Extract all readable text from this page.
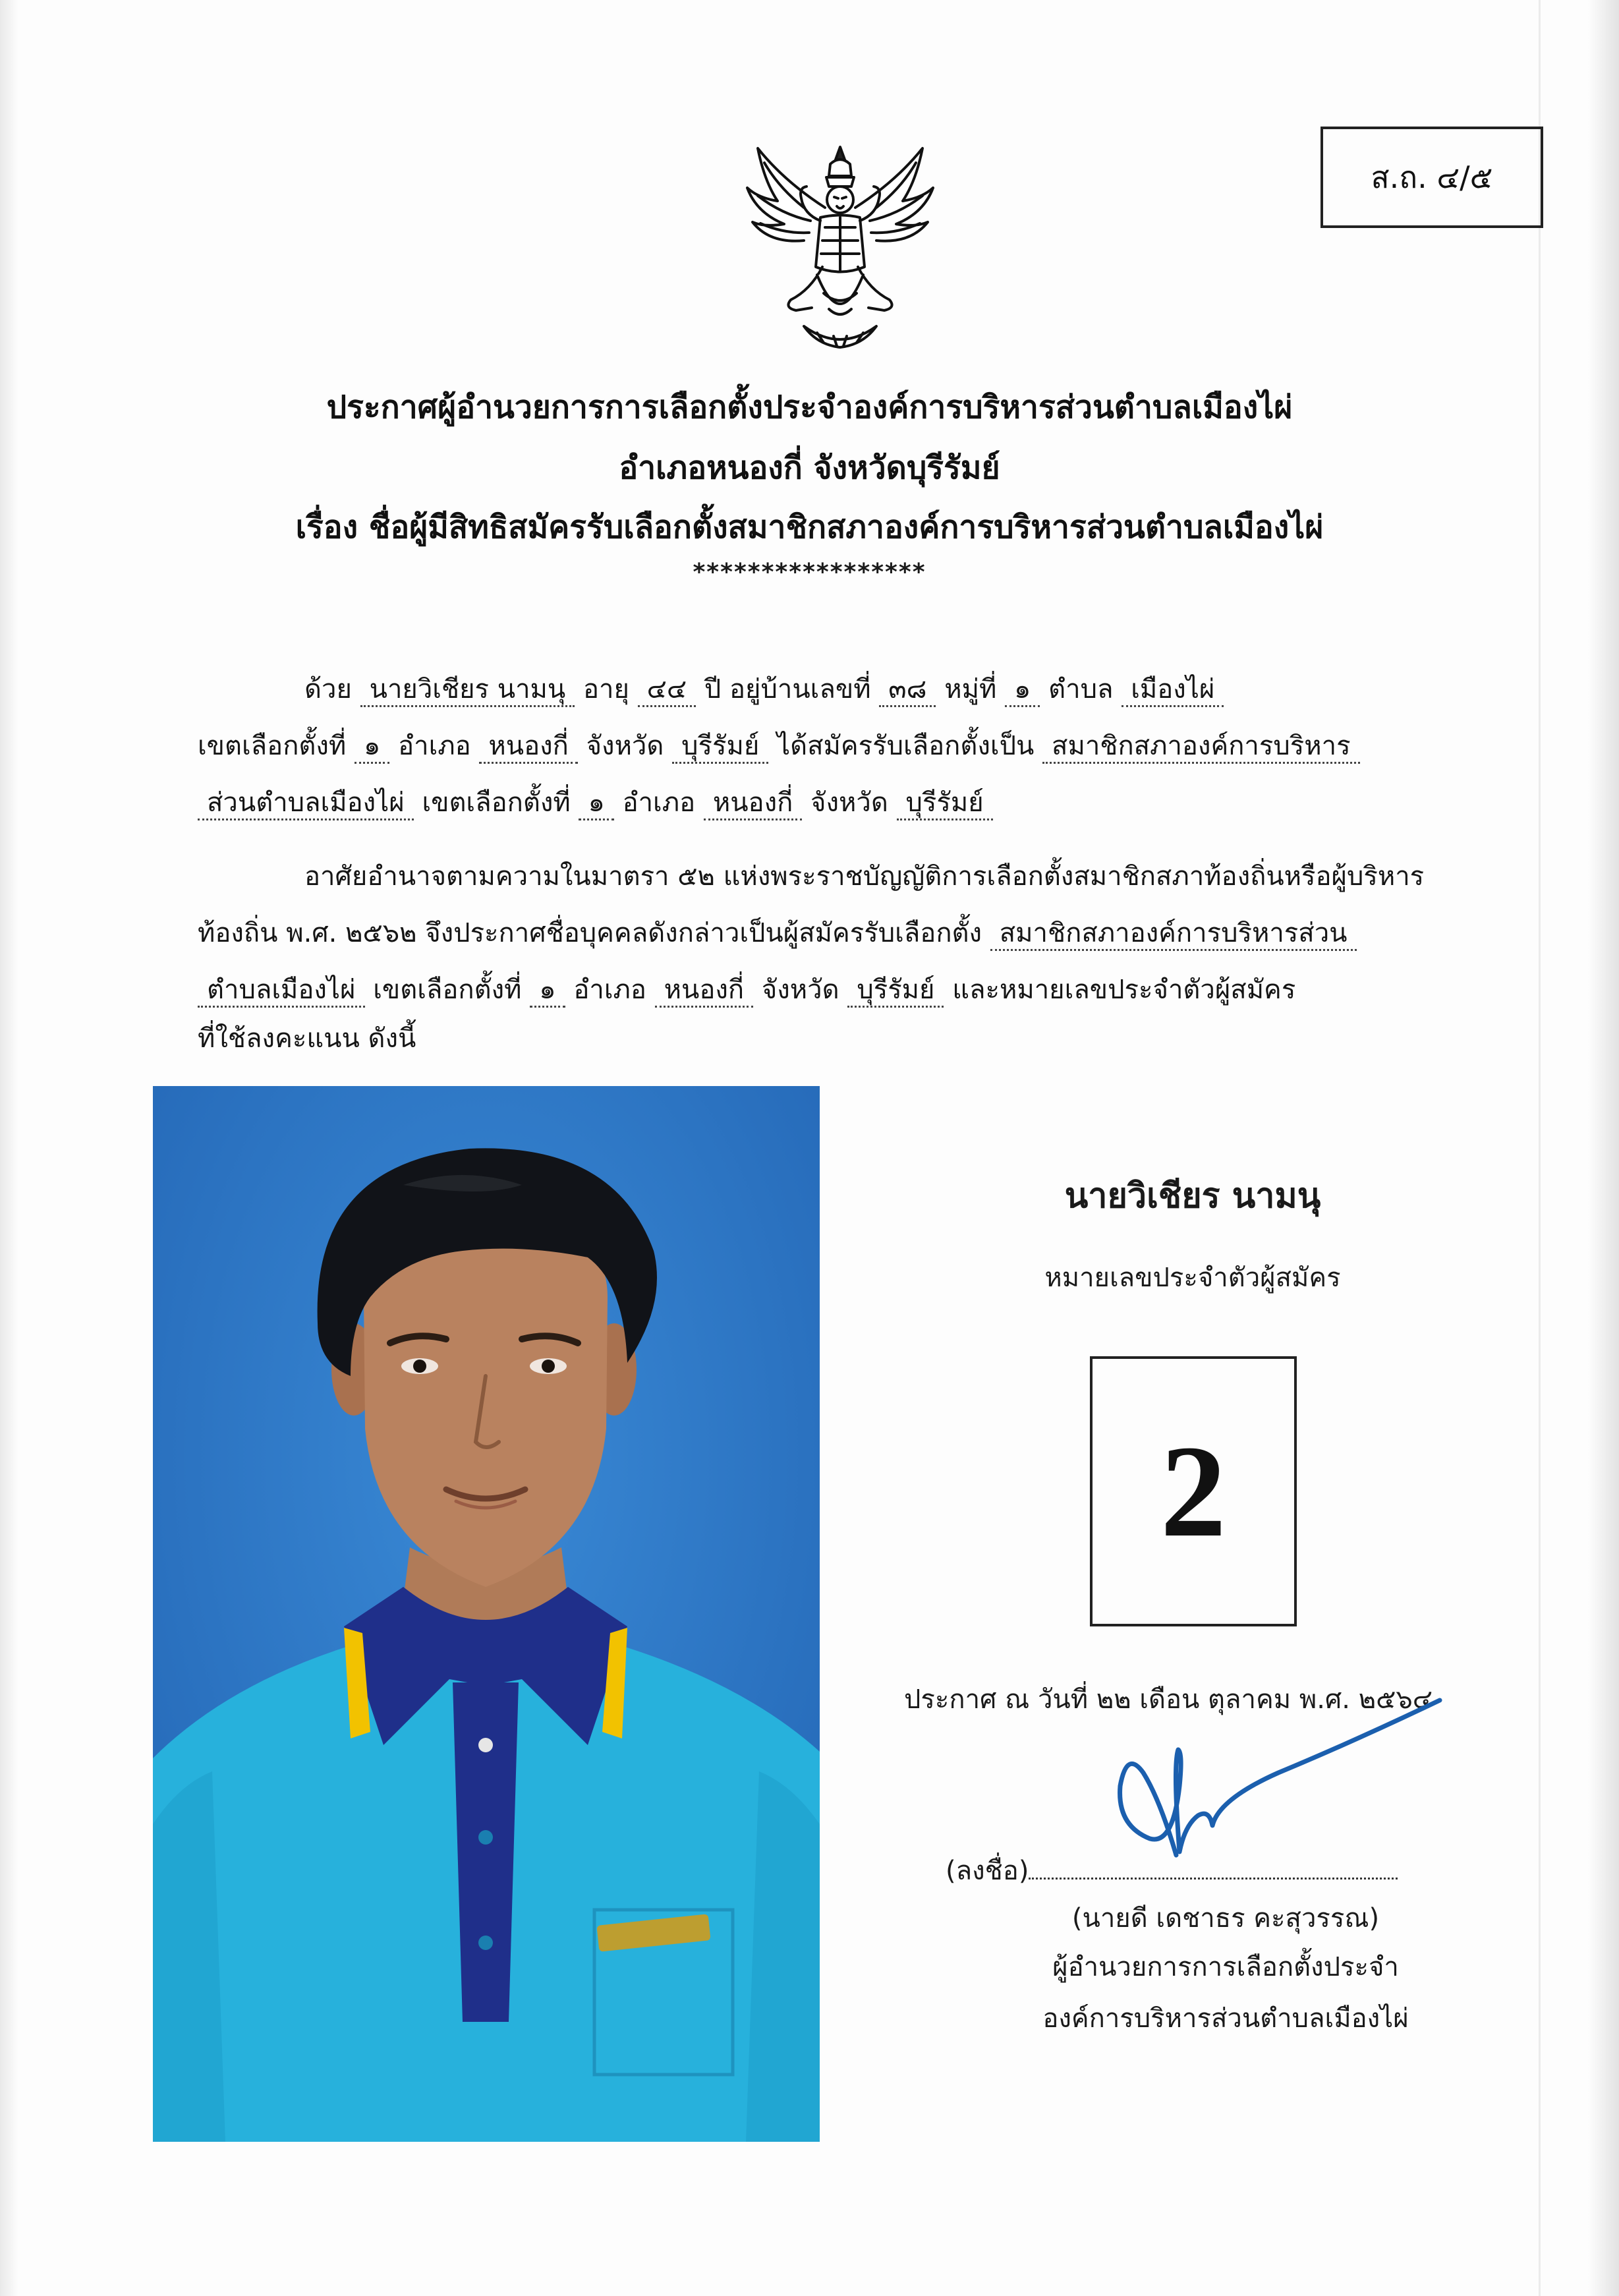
ส.ถ. ๔/๕
ประกาศผู้อำนวยการการเลือกตั้งประจำองค์การบริหารส่วนตำบลเมืองไผ่
อำเภอหนองกี่ จังหวัดบุรีรัมย์
เรื่อง ชื่อผู้มีสิทธิสมัครรับเลือกตั้งสมาชิกสภาองค์การบริหารส่วนตำบลเมืองไผ่
*****************
ด้วย นายวิเชียร นามนุ อายุ ๔๔ ปี อยู่บ้านเลขที่ ๓๘ หมู่ที่ ๑ ตำบล เมืองไผ่
เขตเลือกตั้งที่ ๑ อำเภอ หนองกี่ จังหวัด บุรีรัมย์ ได้สมัครรับเลือกตั้งเป็น สมาชิกสภาองค์การบริหาร
ส่วนตำบลเมืองไผ่ เขตเลือกตั้งที่ ๑ อำเภอ หนองกี่ จังหวัด บุรีรัมย์
อาศัยอำนาจตามความในมาตรา ๕๒ แห่งพระราชบัญญัติการเลือกตั้งสมาชิกสภาท้องถิ่นหรือผู้บริหาร
ท้องถิ่น พ.ศ. ๒๕๖๒ จึงประกาศชื่อบุคคลดังกล่าวเป็นผู้สมัครรับเลือกตั้ง สมาชิกสภาองค์การบริหารส่วน
ตำบลเมืองไผ่ เขตเลือกตั้งที่ ๑ อำเภอ หนองกี่ จังหวัด บุรีรัมย์ และหมายเลขประจำตัวผู้สมัคร
ที่ใช้ลงคะแนน ดังนี้
นายวิเชียร นามนุ
หมายเลขประจำตัวผู้สมัคร
2
ประกาศ ณ วันที่ ๒๒ เดือน ตุลาคม พ.ศ. ๒๕๖๔
(ลงชื่อ)
(นายดี เดชาธร คะสุวรรณ)
ผู้อำนวยการการเลือกตั้งประจำ
องค์การบริหารส่วนตำบลเมืองไผ่
